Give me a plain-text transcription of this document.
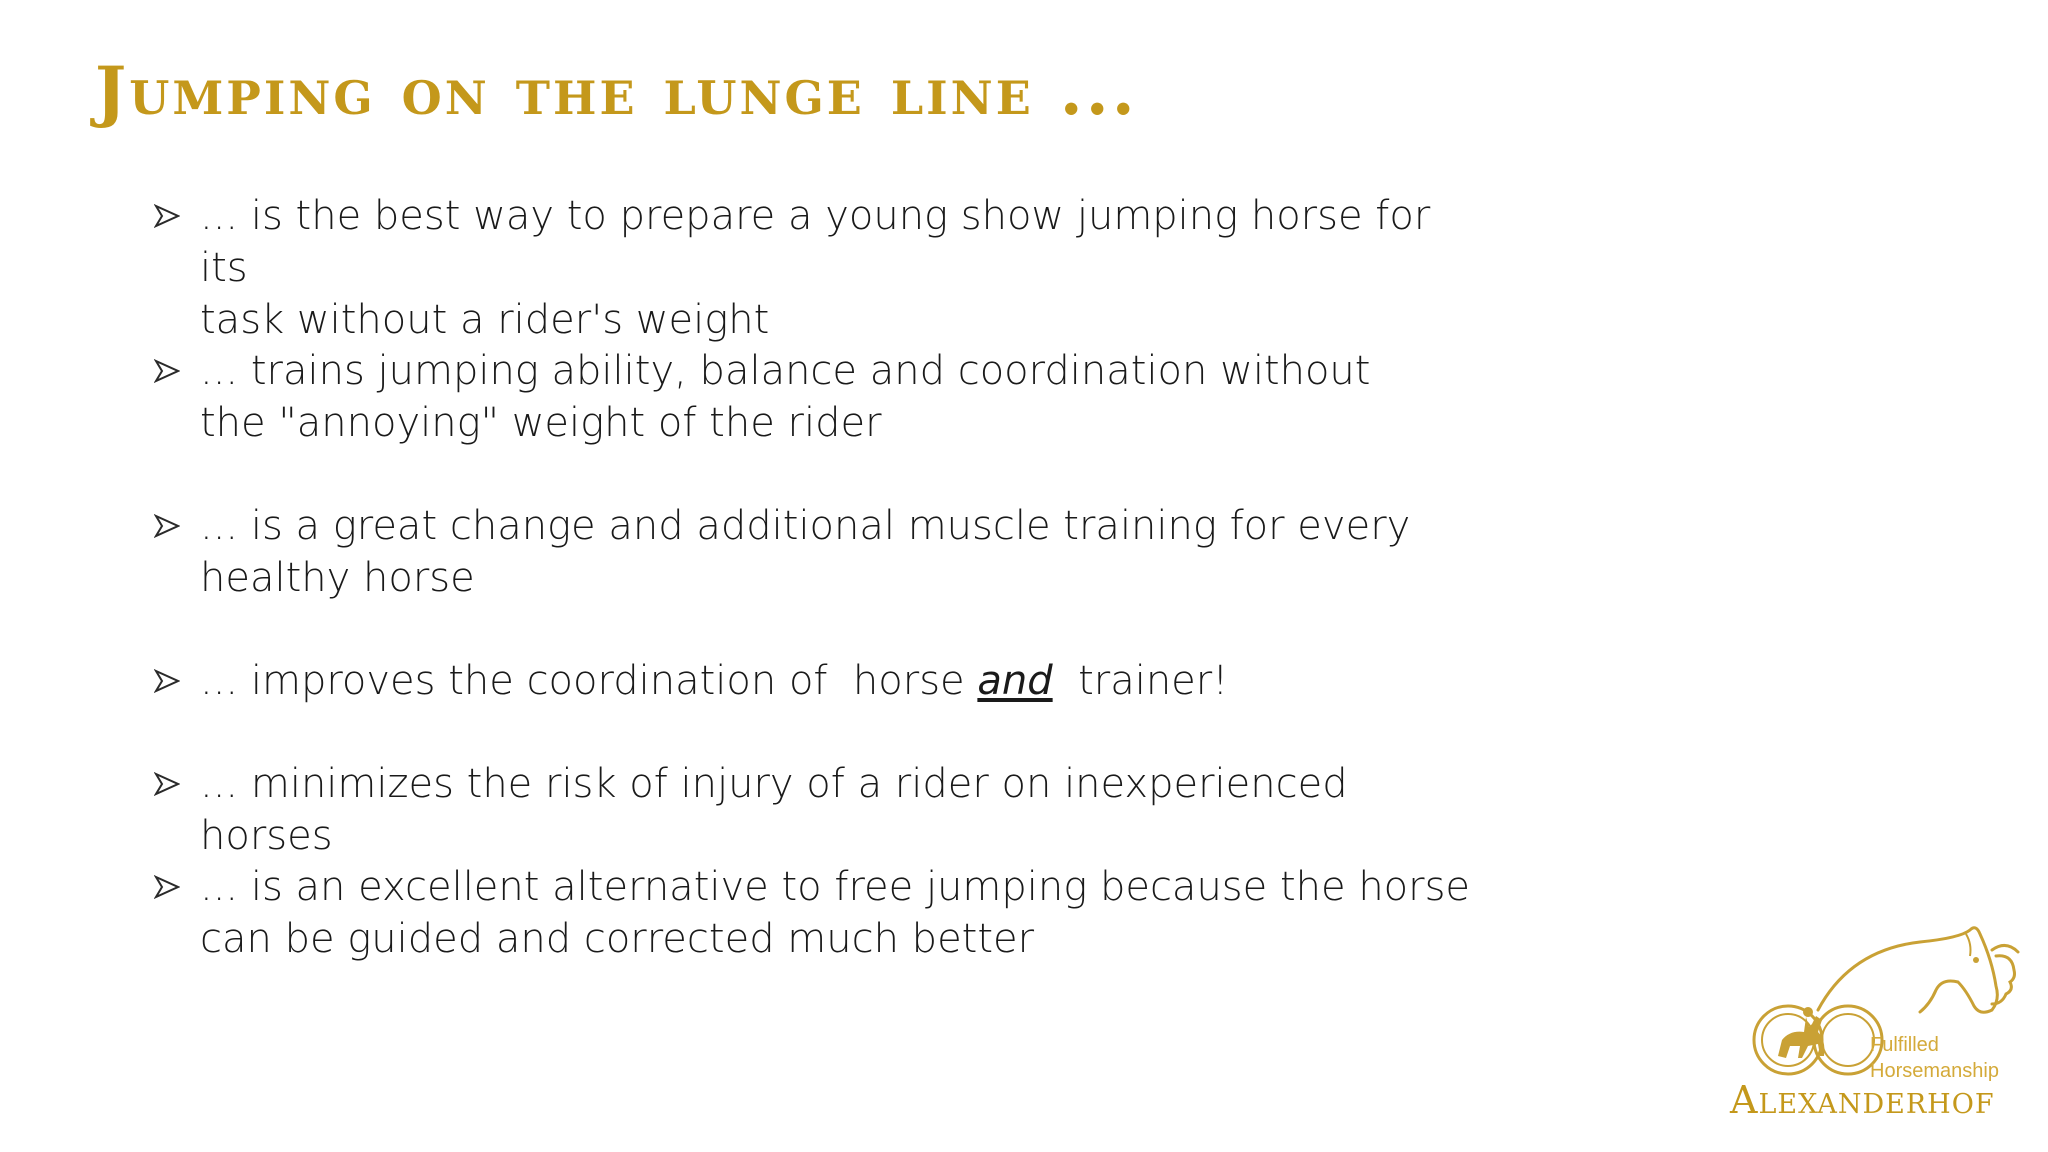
Jumping on the lunge line ...
... is the best way to prepare a young show jumping horse for its
task without a rider's weight
... trains jumping ability, balance and coordination without
the "annoying" weight of the rider
... is a great change and additional muscle training for every
healthy horse
... improves the coordination of  horse and  trainer!
... minimizes the risk of injury of a rider on inexperienced horses
... is an excellent alternative to free jumping because the horse
can be guided and corrected much better
Fulfilled
Horsemanship
Alexanderhof
